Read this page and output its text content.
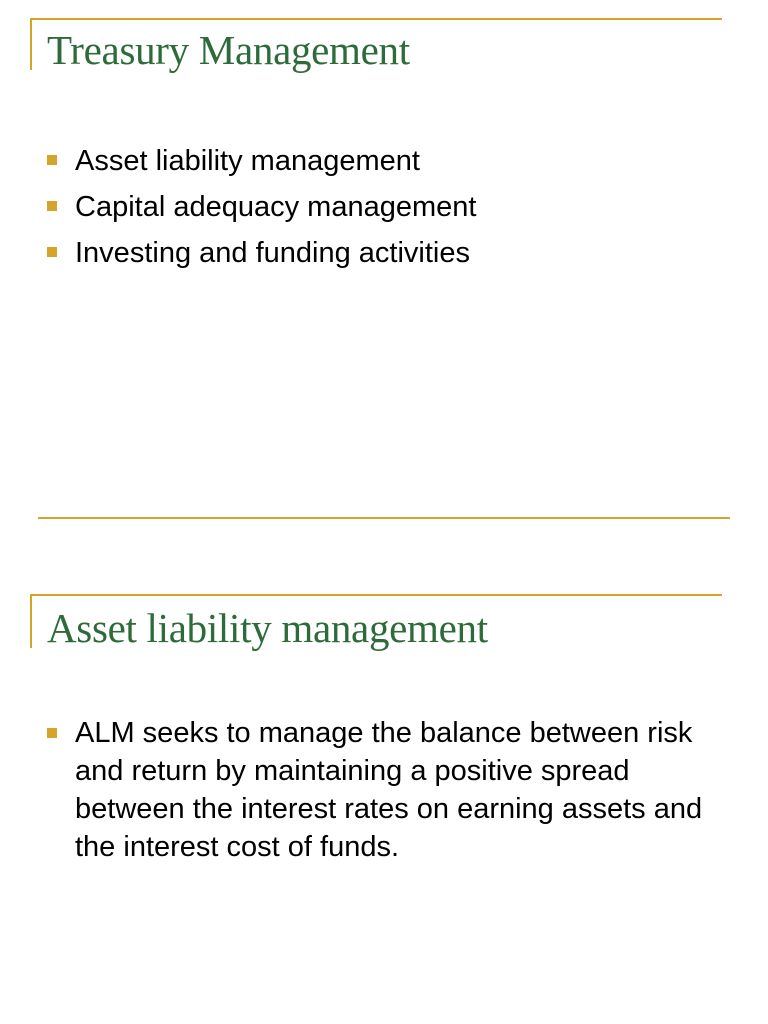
Treasury Management
Asset liability management
Capital adequacy management
Investing and funding activities
Asset liability management
ALM seeks to manage the balance between risk and return by maintaining a positive spread between the interest rates on earning assets and the interest cost of funds.
